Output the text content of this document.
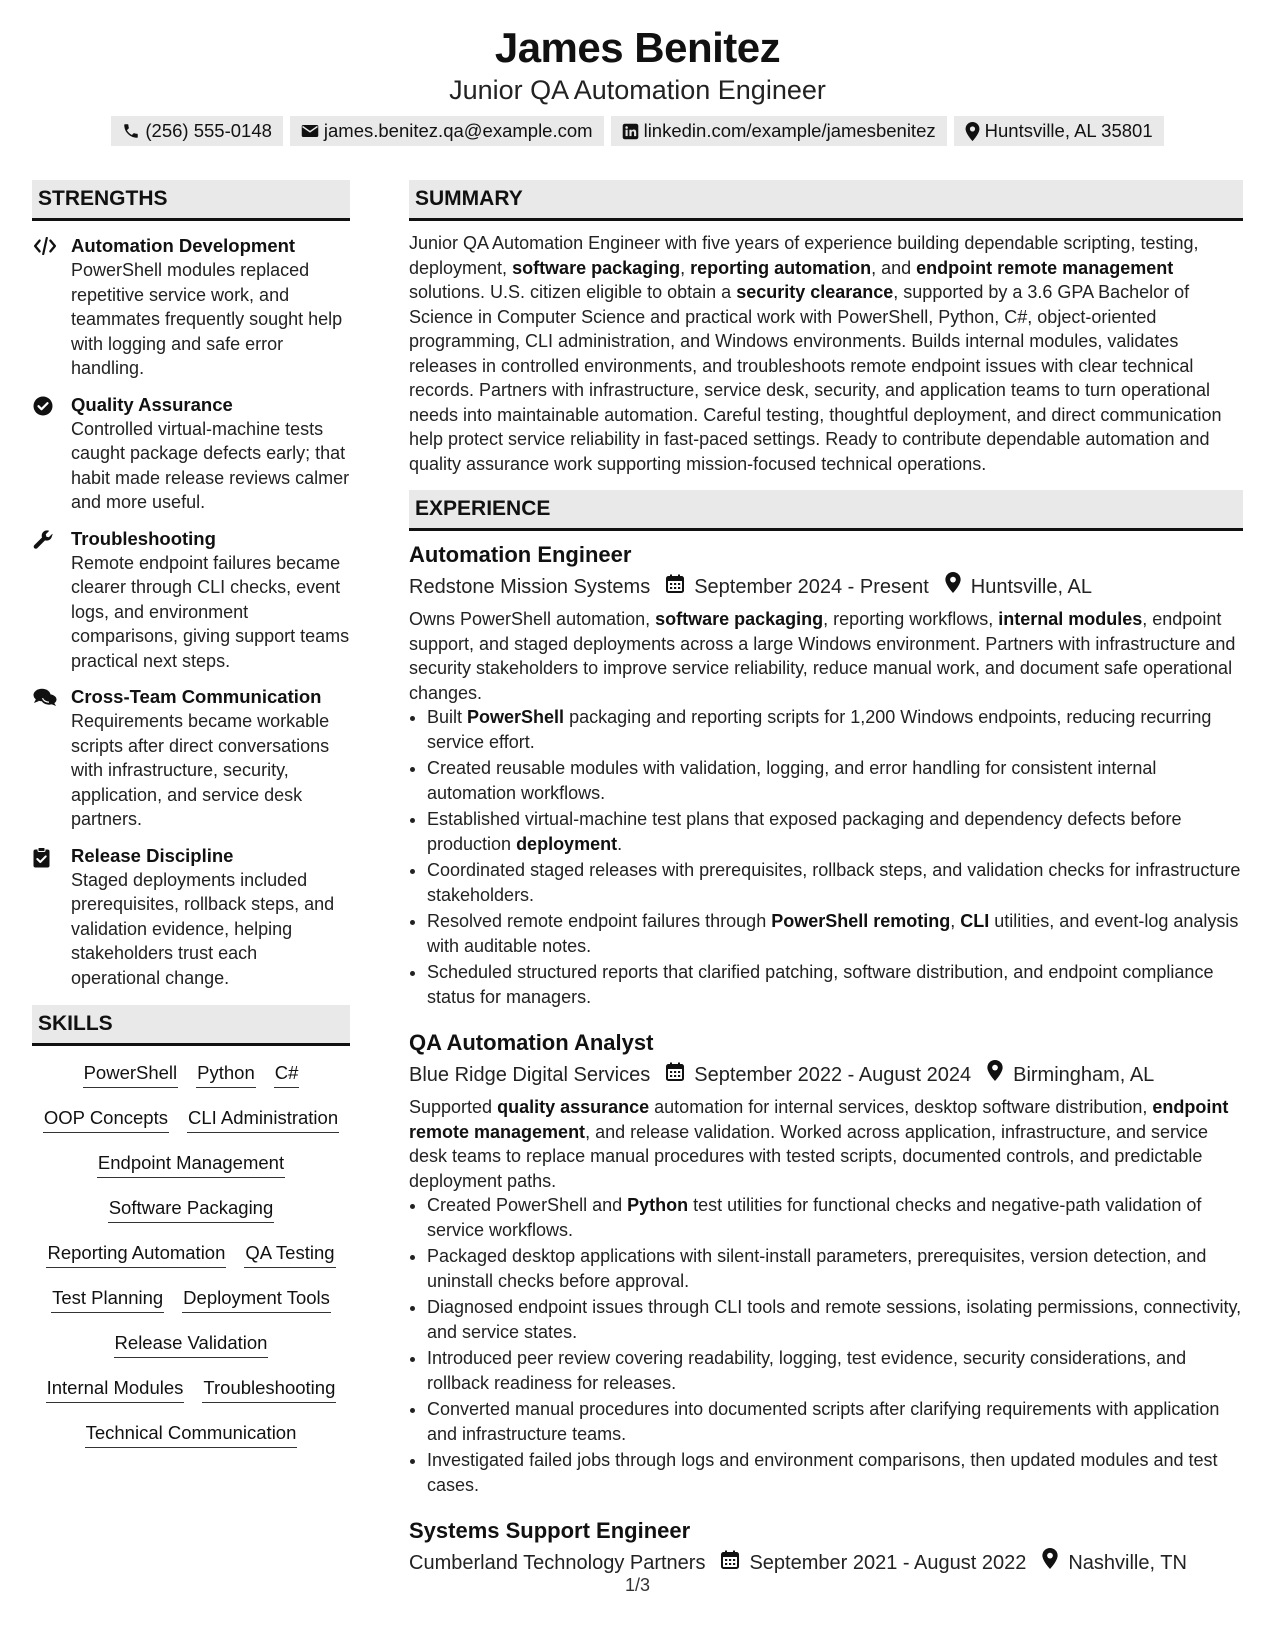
James Benitez
Junior QA Automation Engineer
(256) 555-0148	james.benitez.qa@example.com	linkedin.com/example/jamesbenitez	Huntsville, AL 35801
STRENGTHS
Automation Development
PowerShell modules replaced repetitive service work, and teammates frequently sought help with logging and safe error handling.
Quality Assurance
Controlled virtual-machine tests caught package defects early; that habit made release reviews calmer and more useful.
Troubleshooting
Remote endpoint failures became clearer through CLI checks, event logs, and environment comparisons, giving support teams practical next steps.
Cross-Team Communication
Requirements became workable scripts after direct conversations with infrastructure, security, application, and service desk partners.
Release Discipline
Staged deployments included prerequisites, rollback steps, and validation evidence, helping stakeholders trust each operational change.
SKILLS
PowerShell Python C#
OOP Concepts CLI Administration
Endpoint Management
Software Packaging
Reporting Automation QA Testing
Test Planning Deployment Tools
Release Validation
Internal Modules Troubleshooting
Technical Communication
SUMMARY
Junior QA Automation Engineer with five years of experience building dependable scripting, testing, deployment, software packaging, reporting automation, and endpoint remote management solutions. U.S. citizen eligible to obtain a security clearance, supported by a 3.6 GPA Bachelor of Science in Computer Science and practical work with PowerShell, Python, C#, object-oriented programming, CLI administration, and Windows environments. Builds internal modules, validates releases in controlled environments, and troubleshoots remote endpoint issues with clear technical records. Partners with infrastructure, service desk, security, and application teams to turn operational needs into maintainable automation. Careful testing, thoughtful deployment, and direct communication help protect service reliability in fast-paced settings. Ready to contribute dependable automation and quality assurance work supporting mission-focused technical operations.
EXPERIENCE
Automation Engineer
Redstone Mission Systems September 2024 - Present Huntsville, AL
Owns PowerShell automation, software packaging, reporting workflows, internal modules, endpoint support, and staged deployments across a large Windows environment. Partners with infrastructure and security stakeholders to improve service reliability, reduce manual work, and document safe operational changes.
• Built PowerShell packaging and reporting scripts for 1,200 Windows endpoints, reducing recurring service effort.
• Created reusable modules with validation, logging, and error handling for consistent internal automation workflows.
• Established virtual-machine test plans that exposed packaging and dependency defects before production deployment.
• Coordinated staged releases with prerequisites, rollback steps, and validation checks for infrastructure stakeholders.
• Resolved remote endpoint failures through PowerShell remoting, CLI utilities, and event-log analysis with auditable notes.
• Scheduled structured reports that clarified patching, software distribution, and endpoint compliance status for managers.
QA Automation Analyst
Blue Ridge Digital Services September 2022 - August 2024 Birmingham, AL
Supported quality assurance automation for internal services, desktop software distribution, endpoint remote management, and release validation. Worked across application, infrastructure, and service desk teams to replace manual procedures with tested scripts, documented controls, and predictable deployment paths.
• Created PowerShell and Python test utilities for functional checks and negative-path validation of service workflows.
• Packaged desktop applications with silent-install parameters, prerequisites, version detection, and uninstall checks before approval.
• Diagnosed endpoint issues through CLI tools and remote sessions, isolating permissions, connectivity, and service states.
• Introduced peer review covering readability, logging, test evidence, security considerations, and rollback readiness for releases.
• Converted manual procedures into documented scripts after clarifying requirements with application and infrastructure teams.
• Investigated failed jobs through logs and environment comparisons, then updated modules and test cases.
Systems Support Engineer
Cumberland Technology Partners September 2021 - August 2022 Nashville, TN
1/3
